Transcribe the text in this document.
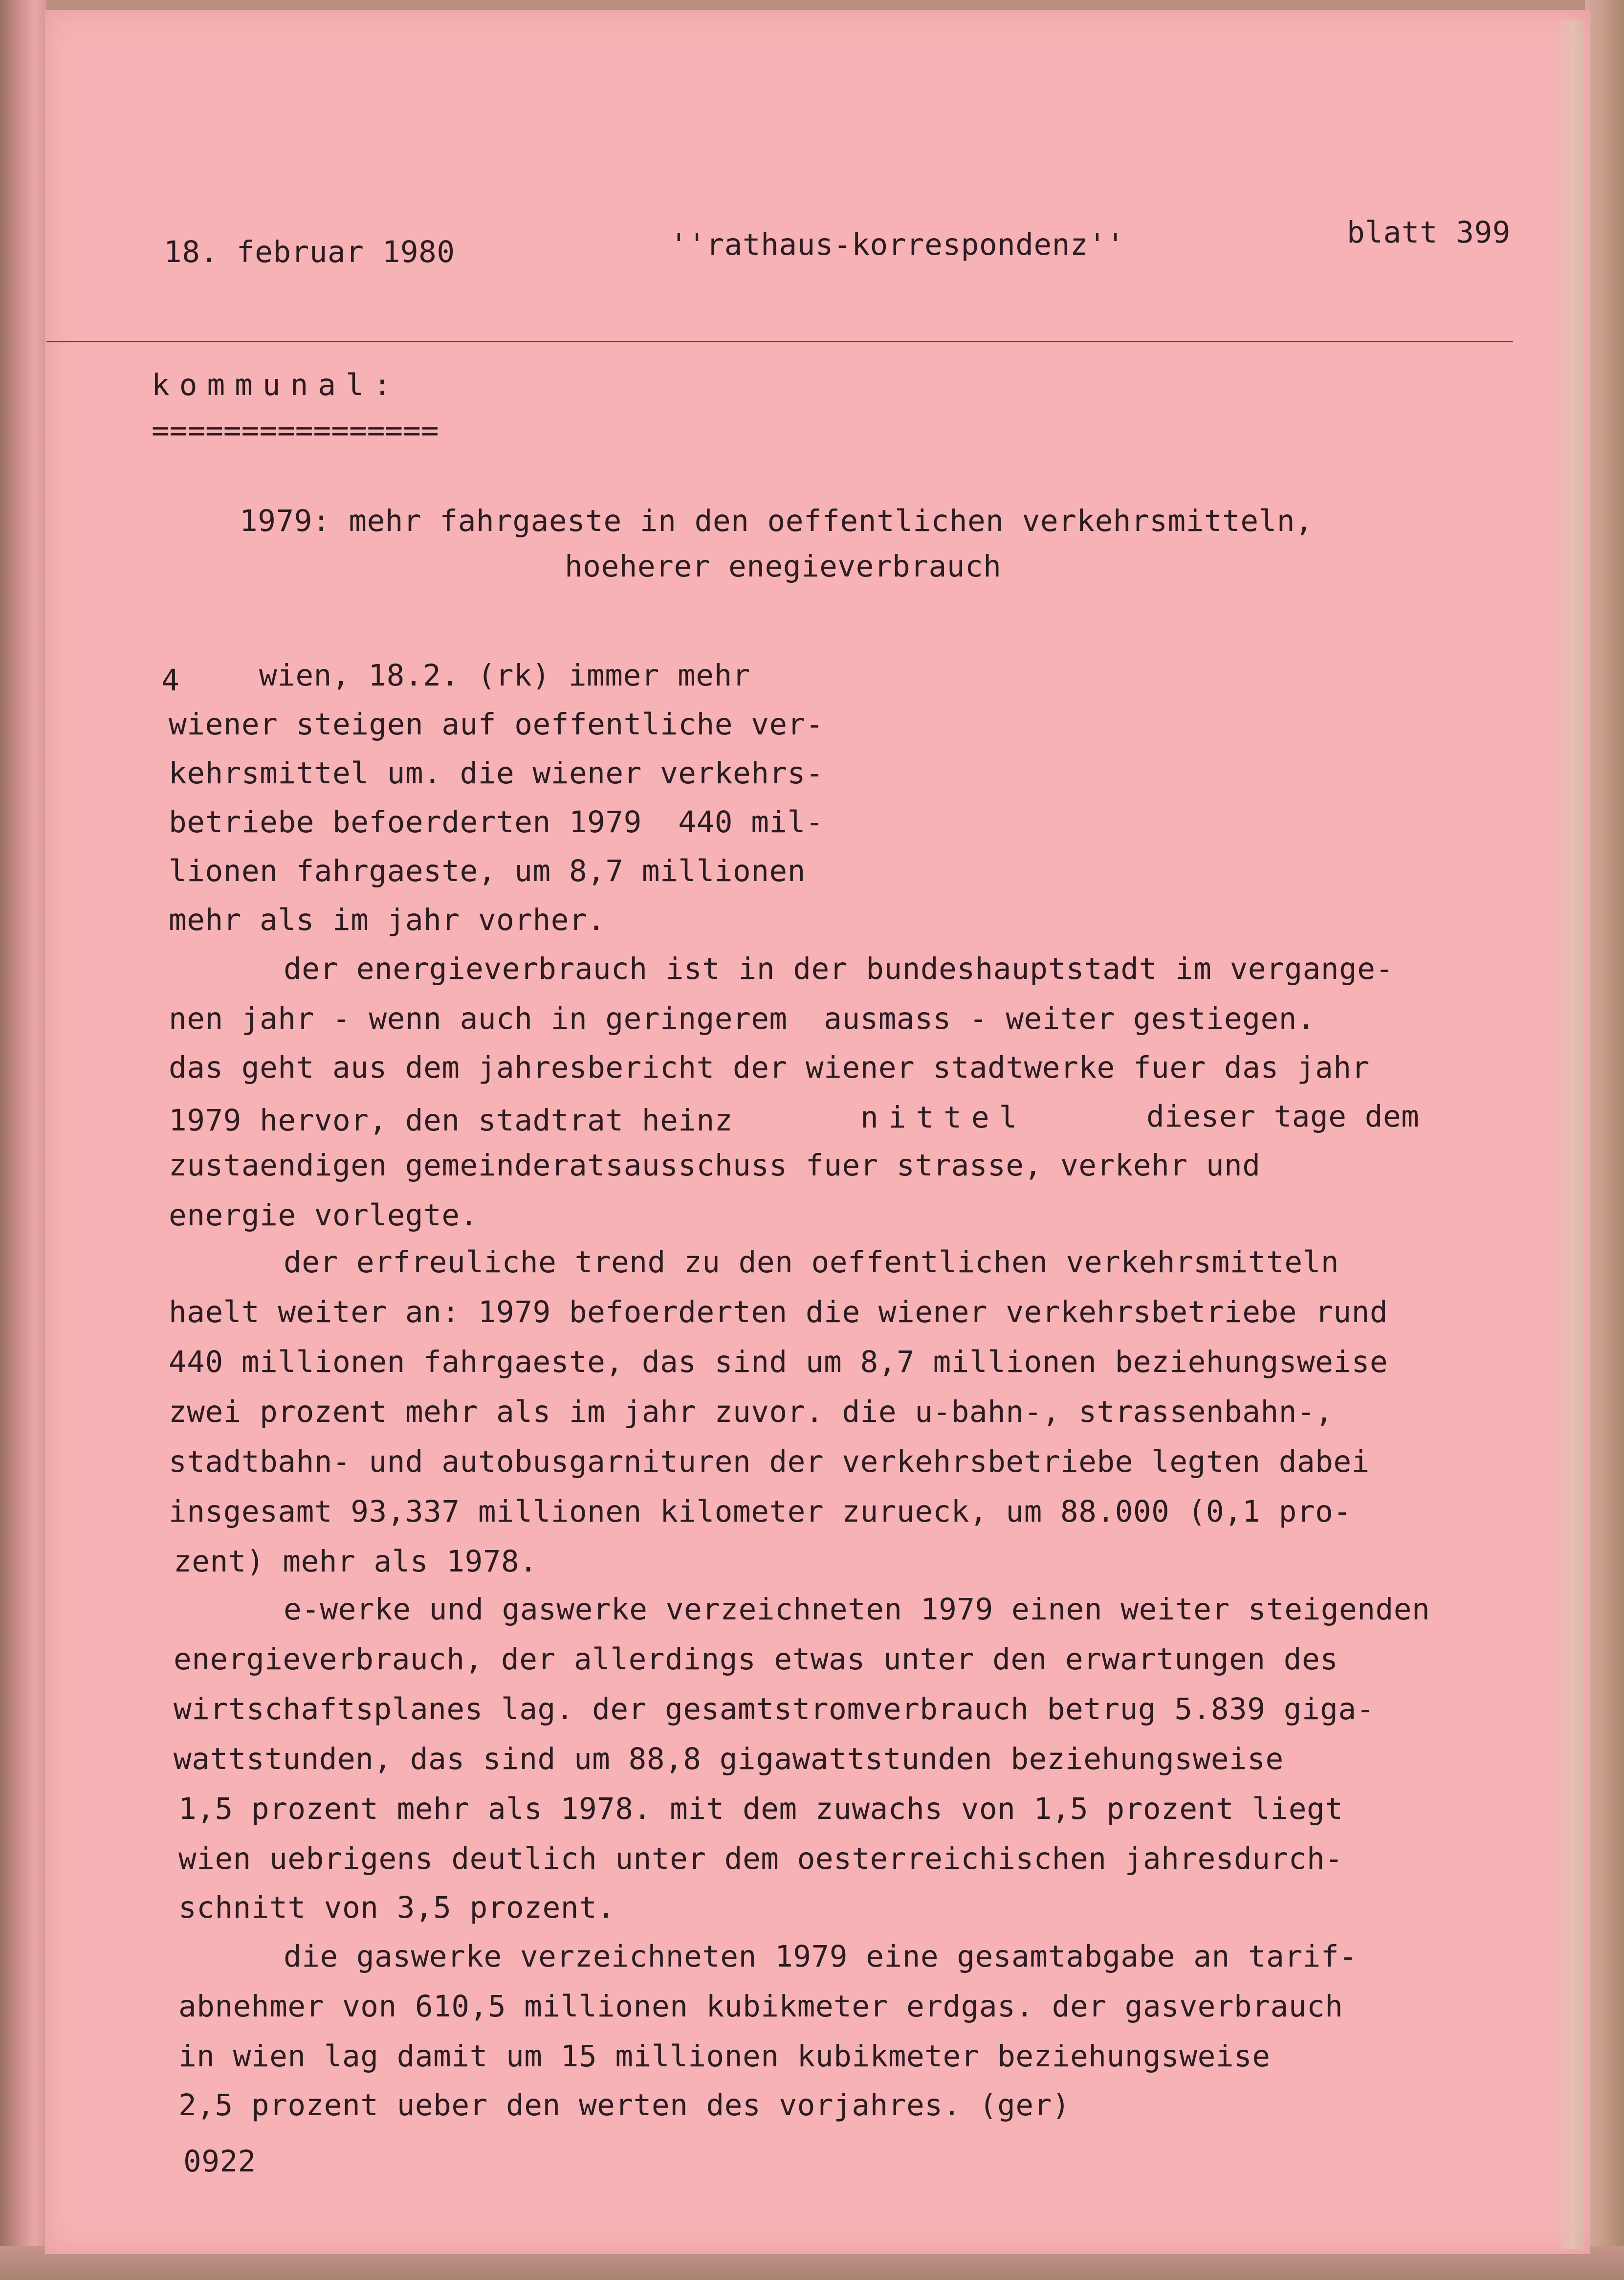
18. februar 1980	''rathaus-korrespondenz''	blatt 399
kommunal:
================
1979: mehr fahrgaeste in den oeffentlichen verkehrsmitteln,
hoeherer enegieverbrauch
4	wien, 18.2. (rk) immer mehr
wiener steigen auf oeffentliche ver-
kehrsmittel um. die wiener verkehrs-
betriebe befoerderten 1979  440 mil-
lionen fahrgaeste, um 8,7 millionen
mehr als im jahr vorher.
der energieverbrauch ist in der bundeshauptstadt im vergange-
nen jahr - wenn auch in geringerem  ausmass - weiter gestiegen.
das geht aus dem jahresbericht der wiener stadtwerke fuer das jahr
1979 hervor, den stadtrat heinz	nittel	dieser tage dem
zustaendigen gemeinderatsausschuss fuer strasse, verkehr und
energie vorlegte.
der erfreuliche trend zu den oeffentlichen verkehrsmitteln
haelt weiter an: 1979 befoerderten die wiener verkehrsbetriebe rund
440 millionen fahrgaeste, das sind um 8,7 millionen beziehungsweise
zwei prozent mehr als im jahr zuvor. die u-bahn-, strassenbahn-,
stadtbahn- und autobusgarnituren der verkehrsbetriebe legten dabei
insgesamt 93,337 millionen kilometer zurueck, um 88.000 (0,1 pro-
zent) mehr als 1978.
e-werke und gaswerke verzeichneten 1979 einen weiter steigenden
energieverbrauch, der allerdings etwas unter den erwartungen des
wirtschaftsplanes lag. der gesamtstromverbrauch betrug 5.839 giga-
wattstunden, das sind um 88,8 gigawattstunden beziehungsweise
1,5 prozent mehr als 1978. mit dem zuwachs von 1,5 prozent liegt
wien uebrigens deutlich unter dem oesterreichischen jahresdurch-
schnitt von 3,5 prozent.
die gaswerke verzeichneten 1979 eine gesamtabgabe an tarif-
abnehmer von 610,5 millionen kubikmeter erdgas. der gasverbrauch
in wien lag damit um 15 millionen kubikmeter beziehungsweise
2,5 prozent ueber den werten des vorjahres. (ger)
0922
